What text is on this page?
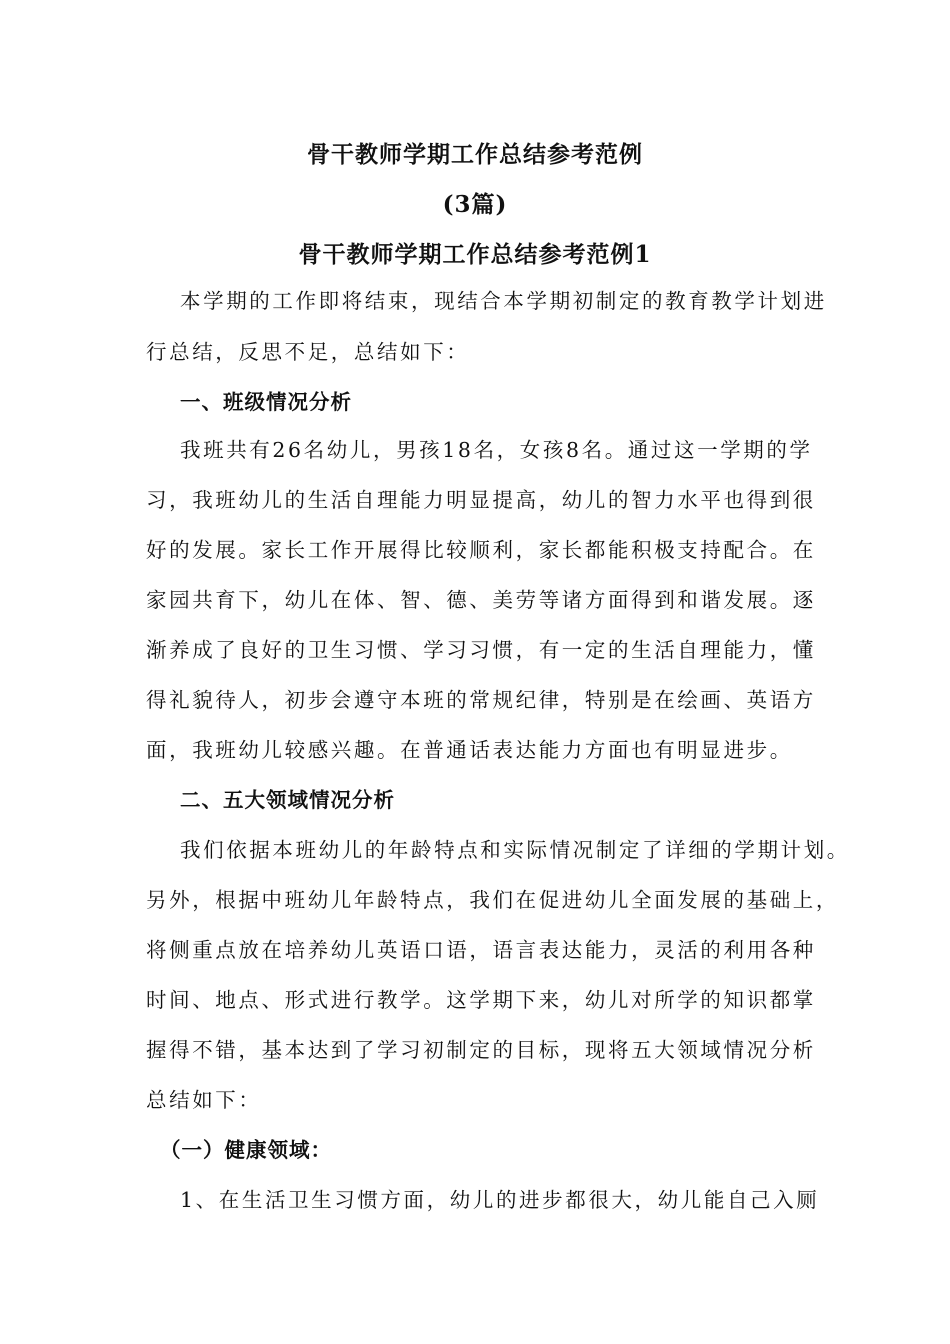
骨干教师学期工作总结参考范例
(3篇)
骨干教师学期工作总结参考范例1
本学期的工作即将结束，现结合本学期初制定的教育教学计划进
行总结，反思不足，总结如下：
一、班级情况分析
我班共有26名幼儿，男孩18名，女孩8名。通过这一学期的学
习，我班幼儿的生活自理能力明显提高，幼儿的智力水平也得到很
好的发展。家长工作开展得比较顺利，家长都能积极支持配合。在
家园共育下，幼儿在体、智、德、美劳等诸方面得到和谐发展。逐
渐养成了良好的卫生习惯、学习习惯，有一定的生活自理能力，懂
得礼貌待人，初步会遵守本班的常规纪律，特别是在绘画、英语方
面，我班幼儿较感兴趣。在普通话表达能力方面也有明显进步。
二、五大领域情况分析
我们依据本班幼儿的年龄特点和实际情况制定了详细的学期计划。
另外，根据中班幼儿年龄特点，我们在促进幼儿全面发展的基础上，
将侧重点放在培养幼儿英语口语，语言表达能力，灵活的利用各种
时间、地点、形式进行教学。这学期下来，幼儿对所学的知识都掌
握得不错，基本达到了学习初制定的目标，现将五大领域情况分析
总结如下：
（一）健康领域：
1、在生活卫生习惯方面，幼儿的进步都很大，幼儿能自己入厕
